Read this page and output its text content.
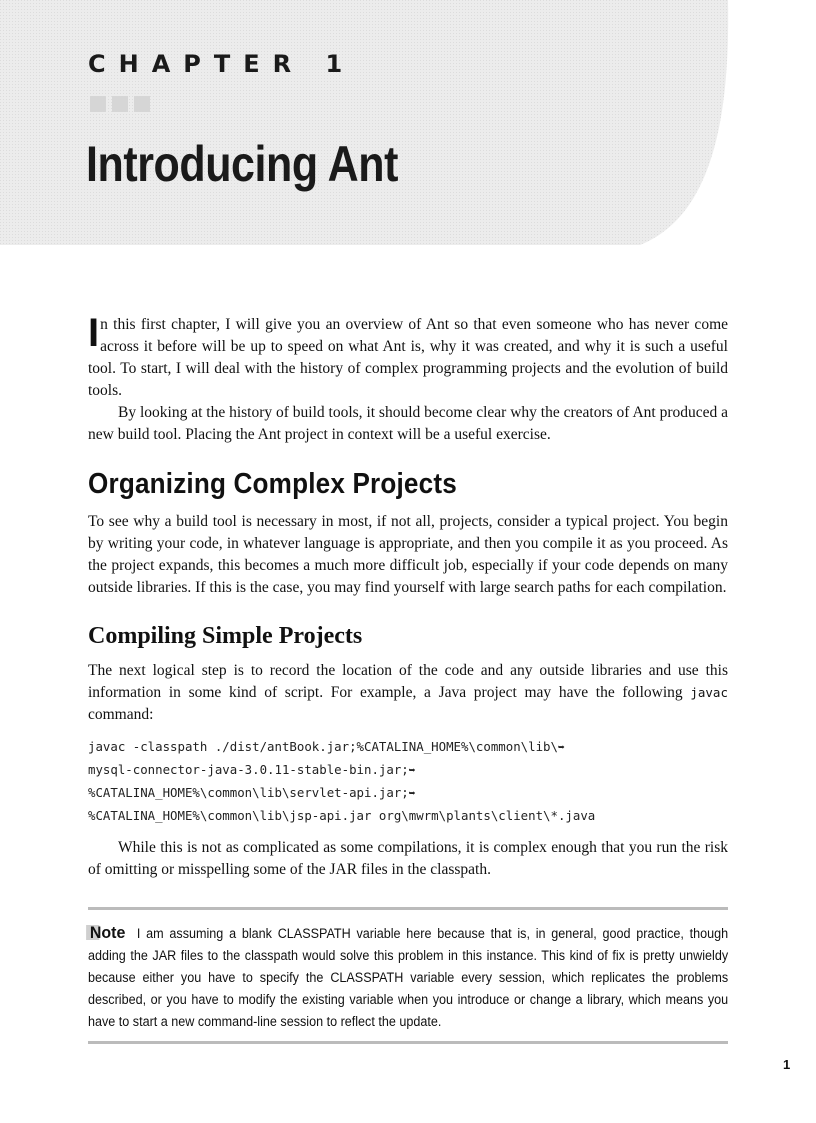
CHAPTER 1
Introducing Ant

In this first chapter, I will give you an overview of Ant so that even someone who has never come across it before will be up to speed on what Ant is, why it was created, and why it is such a useful tool. To start, I will deal with the history of complex programming projects and the evolution of build tools.

By looking at the history of build tools, it should become clear why the creators of Ant produced a new build tool. Placing the Ant project in context will be a useful exercise.

Organizing Complex Projects

To see why a build tool is necessary in most, if not all, projects, consider a typical project. You begin by writing your code, in whatever language is appropriate, and then you compile it as you proceed. As the project expands, this becomes a much more difficult job, especially if your code depends on many outside libraries. If this is the case, you may find yourself with large search paths for each compilation.

Compiling Simple Projects

The next logical step is to record the location of the code and any outside libraries and use this information in some kind of script. For example, a Java project may have the following javac command:

javac -classpath ./dist/antBook.jar;%CATALINA_HOME%\common\lib\➥
mysql-connector-java-3.0.11-stable-bin.jar;➥
%CATALINA_HOME%\common\lib\servlet-api.jar;➥
%CATALINA_HOME%\common\lib\jsp-api.jar org\mwrm\plants\client\*.java

While this is not as complicated as some compilations, it is complex enough that you run the risk of omitting or misspelling some of the JAR files in the classpath.

Note I am assuming a blank CLASSPATH variable here because that is, in general, good practice, though adding the JAR files to the classpath would solve this problem in this instance. This kind of fix is pretty unwieldy because either you have to specify the CLASSPATH variable every session, which replicates the problems described, or you have to modify the existing variable when you introduce or change a library, which means you have to start a new command-line session to reflect the update.

1
